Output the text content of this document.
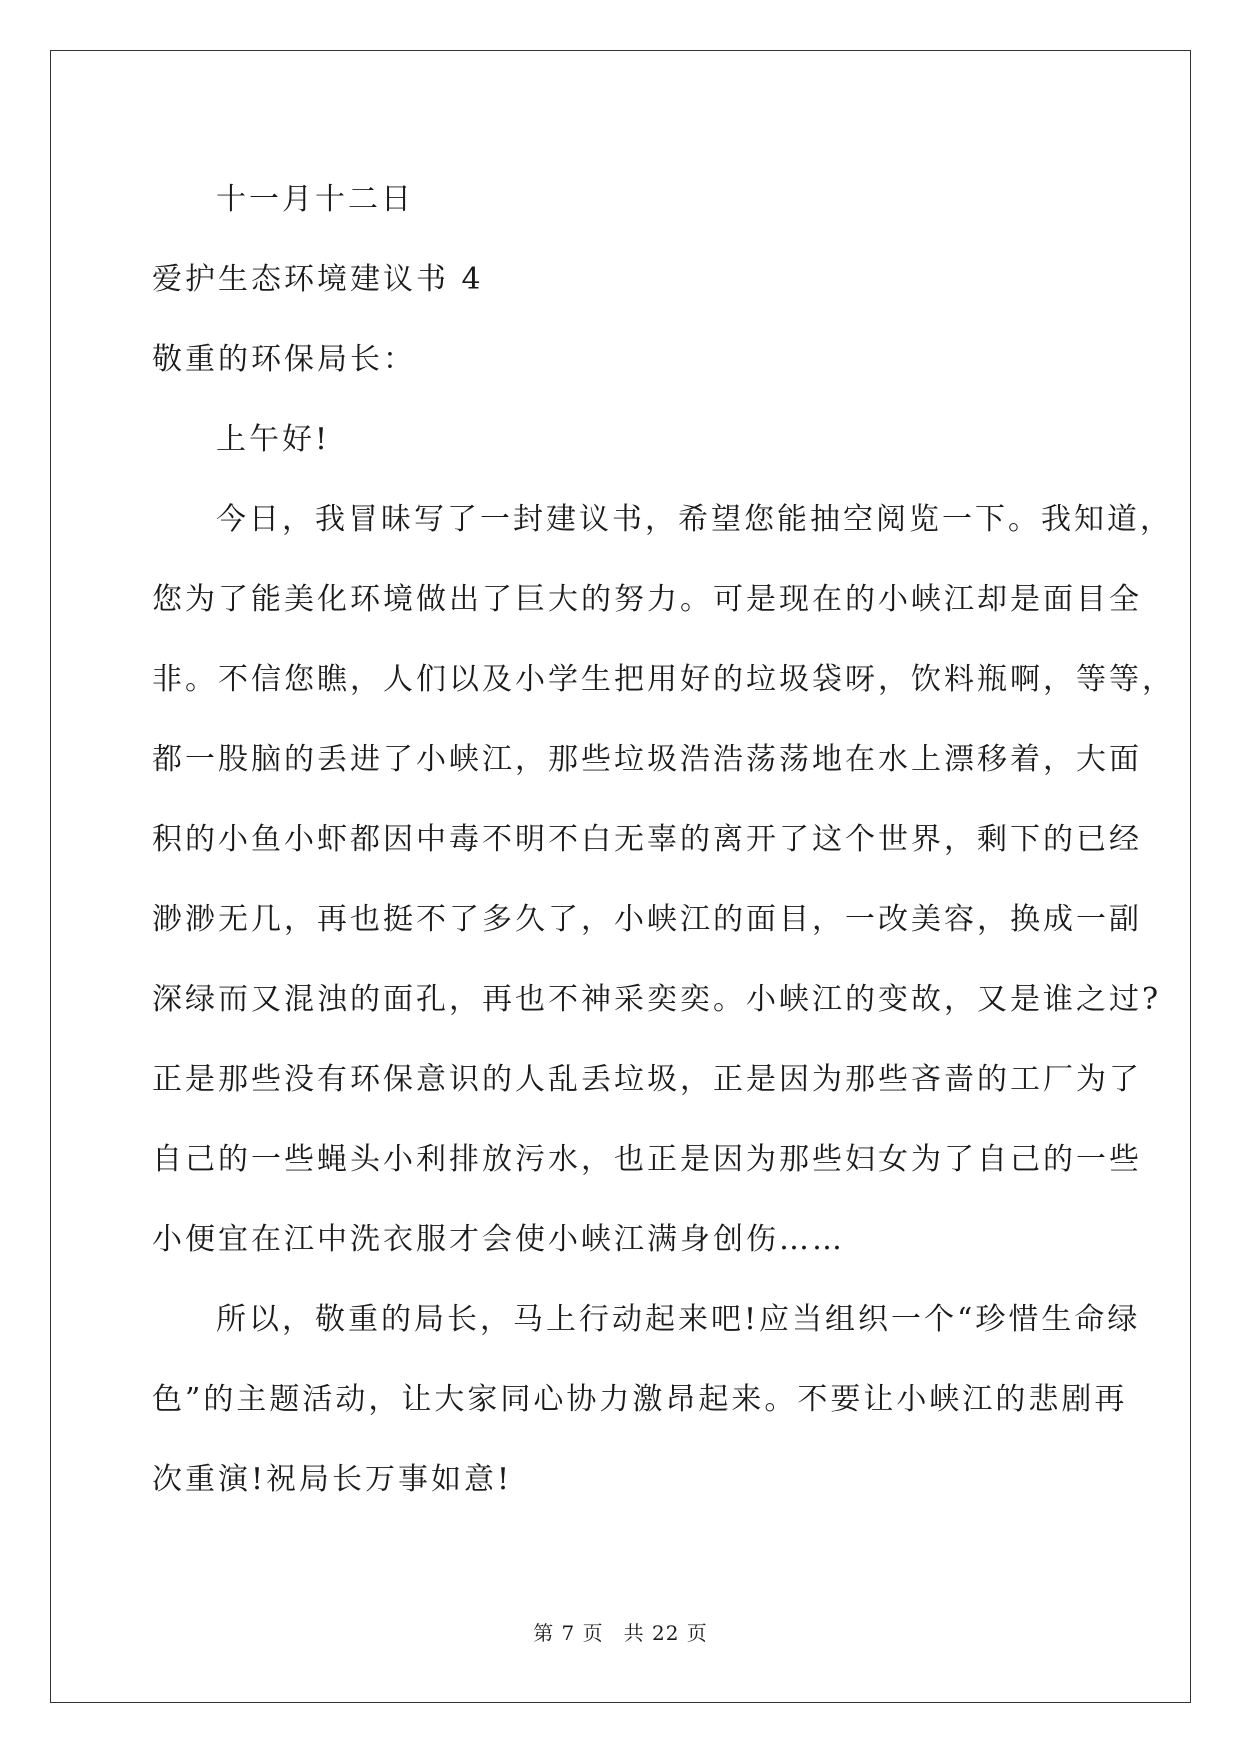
十一月十二日
爱护生态环境建议书 4
敬重的环保局长：
上午好!
今日，我冒昧写了一封建议书，希望您能抽空阅览一下。我知道，
您为了能美化环境做出了巨大的努力。可是现在的小峡江却是面目全
非。不信您瞧，人们以及小学生把用好的垃圾袋呀，饮料瓶啊，等等，
都一股脑的丢进了小峡江，那些垃圾浩浩荡荡地在水上漂移着，大面
积的小鱼小虾都因中毒不明不白无辜的离开了这个世界，剩下的已经
渺渺无几，再也挺不了多久了，小峡江的面目，一改美容，换成一副
深绿而又混浊的面孔，再也不神采奕奕。小峡江的变故，又是谁之过?
正是那些没有环保意识的人乱丢垃圾，正是因为那些吝啬的工厂为了
自己的一些蝇头小利排放污水，也正是因为那些妇女为了自己的一些
小便宜在江中洗衣服才会使小峡江满身创伤……
所以，敬重的局长，马上行动起来吧!应当组织一个“珍惜生命绿
色”的主题活动，让大家同心协力激昂起来。不要让小峡江的悲剧再
次重演!祝局长万事如意!
第 7 页 共 22 页
